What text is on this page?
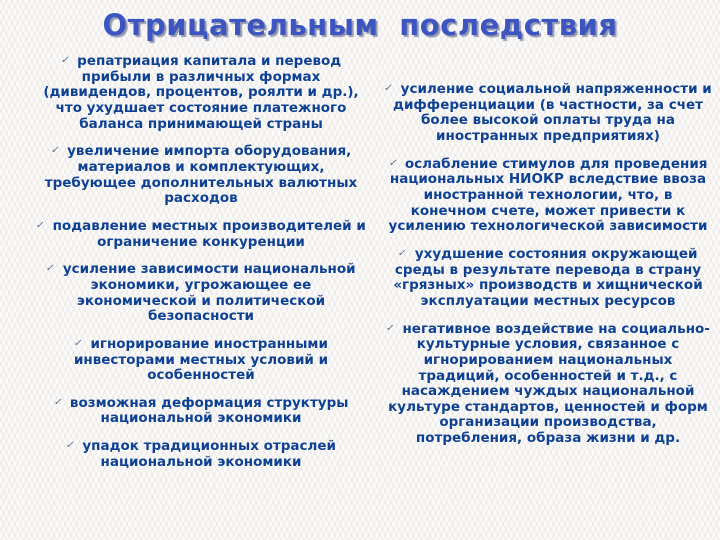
Отрицательным последствия
✓ репатриация капитала и перевод прибыли в различных формах (дивидендов, процентов, роялти и др.), что ухудшает состояние платежного баланса принимающей страны
✓ увеличение импорта оборудования, материалов и комплектующих, требующее дополнительных валютных расходов
✓ подавление местных производителей и ограничение конкуренции
✓ усиление зависимости национальной экономики, угрожающее ее экономической и политической безопасности
✓ игнорирование иностранными инвесторами местных условий и особенностей
✓ возможная деформация структуры национальной экономики
✓ упадок традиционных отраслей национальной экономики
✓ усиление социальной напряженности и дифференциации (в частности, за счет более высокой оплаты труда на иностранных предприятиях)
✓ ослабление стимулов для проведения национальных НИОКР вследствие ввоза иностранной технологии, что, в конечном счете, может привести к усилению технологической зависимости
✓ ухудшение состояния окружающей среды в результате перевода в страну «грязных» производств и хищнической эксплуатации местных ресурсов
✓ негативное воздействие на социально-культурные условия, связанное с игнорированием национальных традиций, особенностей и т.д., с насаждением чуждых национальной культуре стандартов, ценностей и форм организации производства, потребления, образа жизни и др.
